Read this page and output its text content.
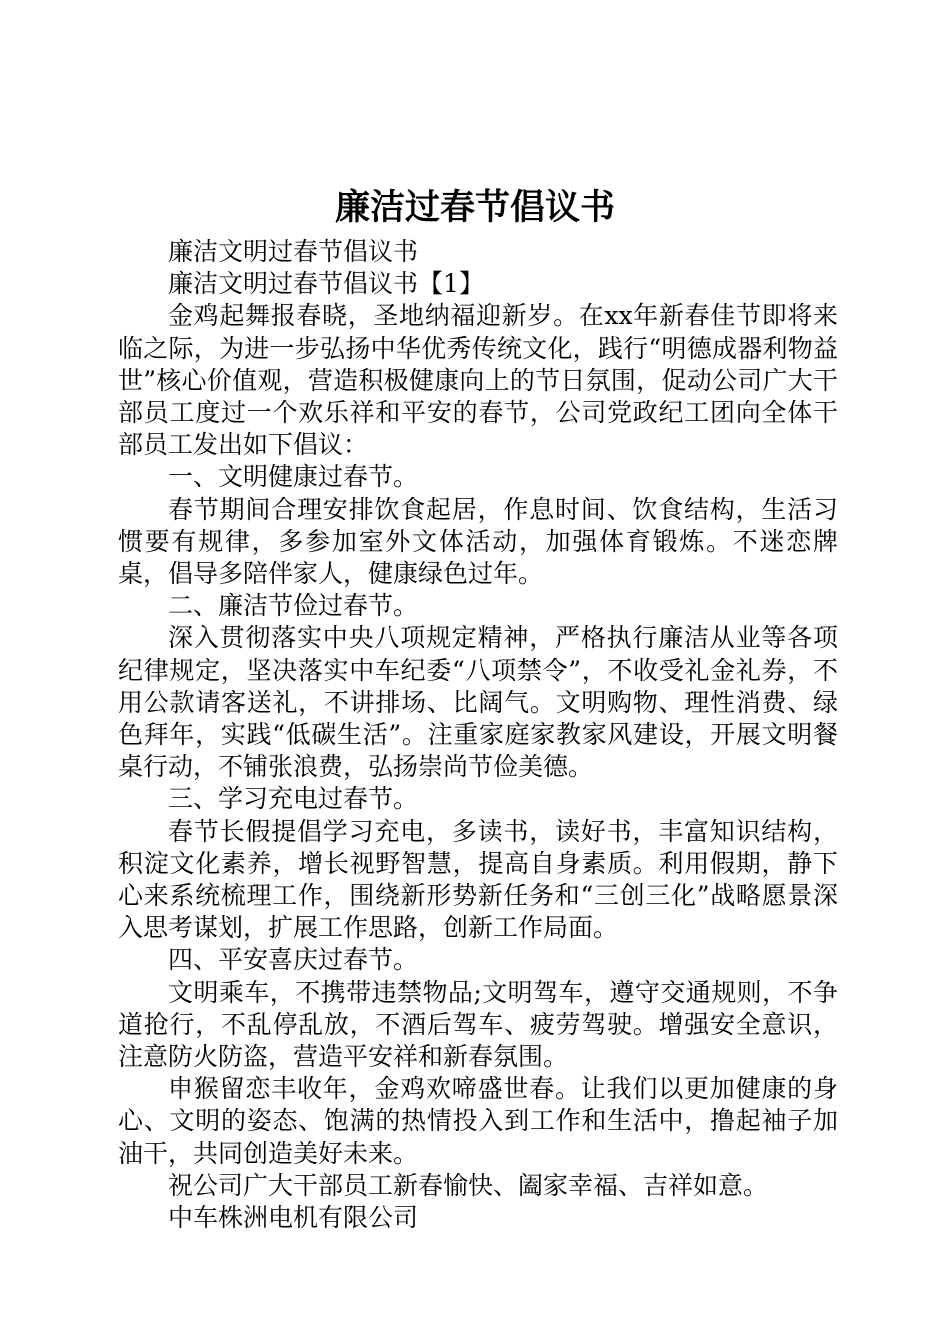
廉洁过春节倡议书

廉洁文明过春节倡议书

廉洁文明过春节倡议书【1】

金鸡起舞报春晓，圣地纳福迎新岁。在xx年新春佳节即将来临之际，为进一步弘扬中华优秀传统文化，践行“明德成器利物益世”核心价值观，营造积极健康向上的节日氛围，促动公司广大干部员工度过一个欢乐祥和平安的春节，公司党政纪工团向全体干部员工发出如下倡议：

一、文明健康过春节。

春节期间合理安排饮食起居，作息时间、饮食结构，生活习惯要有规律，多参加室外文体活动，加强体育锻炼。不迷恋牌桌，倡导多陪伴家人，健康绿色过年。

二、廉洁节俭过春节。

深入贯彻落实中央八项规定精神，严格执行廉洁从业等各项纪律规定，坚决落实中车纪委“八项禁令”，不收受礼金礼券，不用公款请客送礼，不讲排场、比阔气。文明购物、理性消费、绿色拜年，实践“低碳生活”。注重家庭家教家风建设，开展文明餐桌行动，不铺张浪费，弘扬崇尚节俭美德。

三、学习充电过春节。

春节长假提倡学习充电，多读书，读好书，丰富知识结构，积淀文化素养，增长视野智慧，提高自身素质。利用假期，静下心来系统梳理工作，围绕新形势新任务和“三创三化”战略愿景深入思考谋划，扩展工作思路，创新工作局面。

四、平安喜庆过春节。

文明乘车，不携带违禁物品;文明驾车，遵守交通规则，不争道抢行，不乱停乱放，不酒后驾车、疲劳驾驶。增强安全意识，注意防火防盗，营造平安祥和新春氛围。

申猴留恋丰收年，金鸡欢啼盛世春。让我们以更加健康的身心、文明的姿态、饱满的热情投入到工作和生活中，撸起袖子加油干，共同创造美好未来。

祝公司广大干部员工新春愉快、阖家幸福、吉祥如意。

中车株洲电机有限公司
